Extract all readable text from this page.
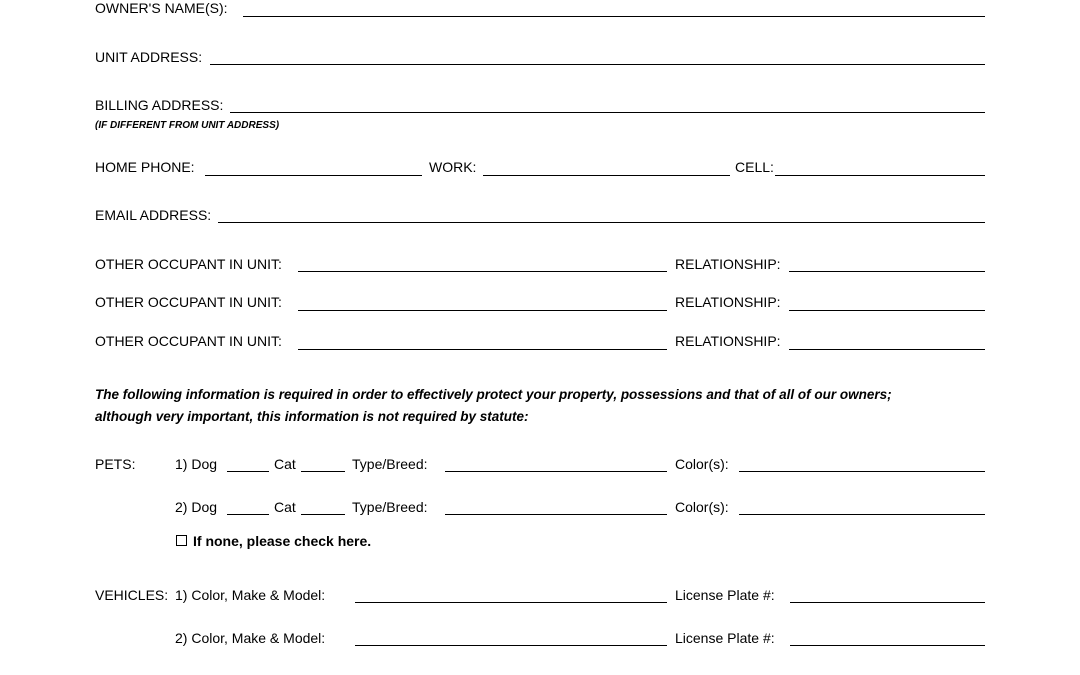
OWNER'S NAME(S):
UNIT ADDRESS:
BILLING ADDRESS:
(IF DIFFERENT FROM UNIT ADDRESS)
HOME PHONE:	WORK:	CELL:
EMAIL ADDRESS:
OTHER OCCUPANT IN UNIT:	RELATIONSHIP:
OTHER OCCUPANT IN UNIT:	RELATIONSHIP:
OTHER OCCUPANT IN UNIT:	RELATIONSHIP:
The following information is required in order to effectively protect your property, possessions and that of all of our owners;
although very important, this information is not required by statute:
PETS:	1) Dog	Cat	Type/Breed:	Color(s):
2) Dog	Cat	Type/Breed:	Color(s):
If none, please check here.
VEHICLES: 1) Color, Make & Model:	License Plate #:
2) Color, Make & Model:	License Plate #:
